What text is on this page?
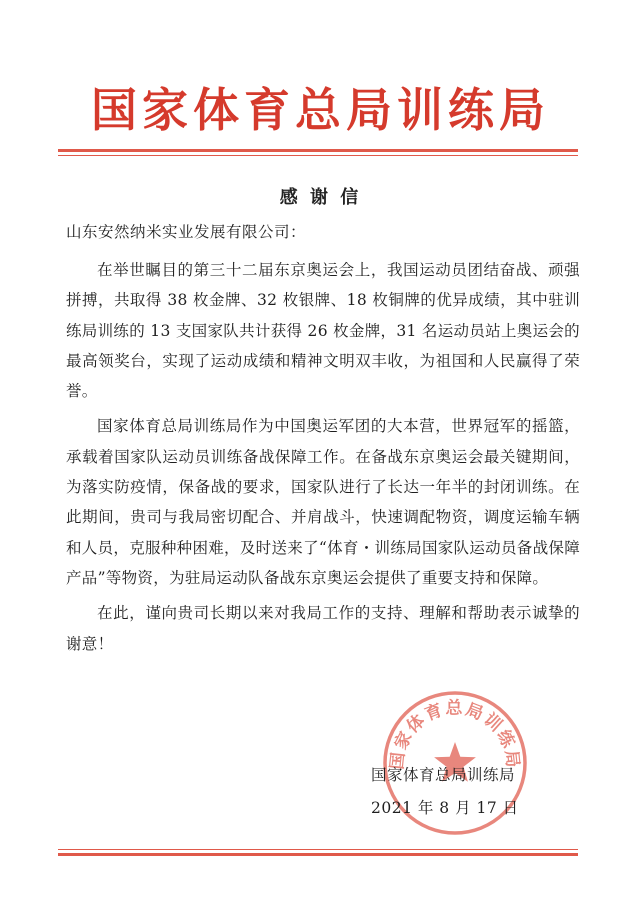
国家体育总局训练局
感 谢 信
山东安然纳米实业发展有限公司：

在举世瞩目的第三十二届东京奥运会上，我国运动员团结奋战、顽强拼搏，共取得 38 枚金牌、32 枚银牌、18 枚铜牌的优异成绩，其中驻训练局训练的 13 支国家队共计获得 26 枚金牌，31 名运动员站上奥运会的最高领奖台，实现了运动成绩和精神文明双丰收，为祖国和人民赢得了荣誉。

国家体育总局训练局作为中国奥运军团的大本营，世界冠军的摇篮，承载着国家队运动员训练备战保障工作。在备战东京奥运会最关键期间，为落实防疫情，保备战的要求，国家队进行了长达一年半的封闭训练。在此期间，贵司与我局密切配合、并肩战斗，快速调配物资，调度运输车辆和人员，克服种种困难，及时送来了“体育・训练局国家队运动员备战保障产品”等物资，为驻局运动队备战东京奥运会提供了重要支持和保障。

在此，谨向贵司长期以来对我局工作的支持、理解和帮助表示诚挚的谢意！

国家体育总局训练局
国家体育总局训练局
2021 年 8 月 17 日
